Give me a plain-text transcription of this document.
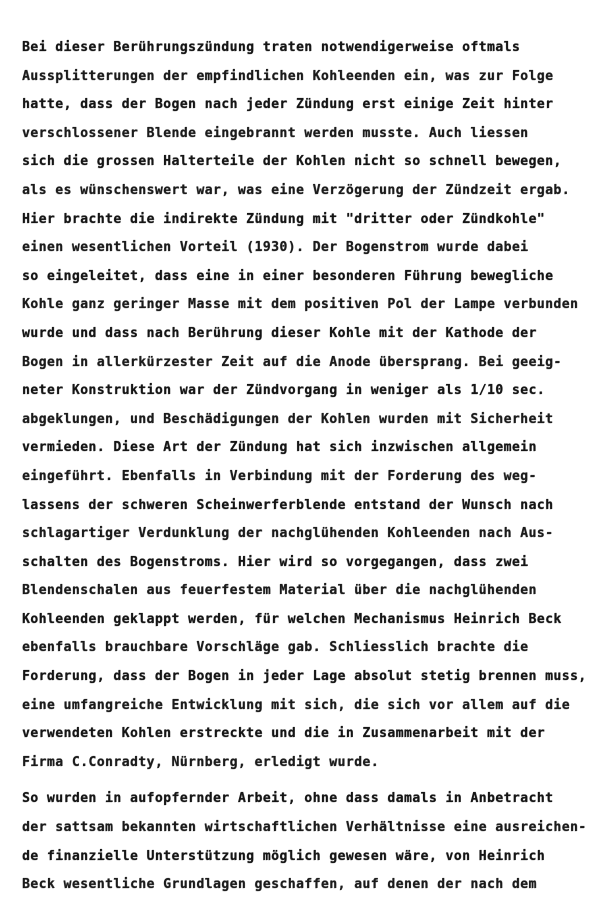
Bei dieser Berührungszündung traten notwendigerweise oftmals
Aussplitterungen der empfindlichen Kohleenden ein, was zur Folge
hatte, dass der Bogen nach jeder Zündung erst einige Zeit hinter
verschlossener Blende eingebrannt werden musste. Auch liessen
sich die grossen Halterteile der Kohlen nicht so schnell bewegen,
als es wünschenswert war, was eine Verzögerung der Zündzeit ergab.
Hier brachte die indirekte Zündung mit "dritter oder Zündkohle"
einen wesentlichen Vorteil (1930). Der Bogenstrom wurde dabei
so eingeleitet, dass eine in einer besonderen Führung bewegliche
Kohle ganz geringer Masse mit dem positiven Pol der Lampe verbunden
wurde und dass nach Berührung dieser Kohle mit der Kathode der
Bogen in allerkürzester Zeit auf die Anode übersprang. Bei geeig-
neter Konstruktion war der Zündvorgang in weniger als 1/10 sec.
abgeklungen, und Beschädigungen der Kohlen wurden mit Sicherheit
vermieden. Diese Art der Zündung hat sich inzwischen allgemein
eingeführt. Ebenfalls in Verbindung mit der Forderung des weg-
lassens der schweren Scheinwerferblende entstand der Wunsch nach
schlagartiger Verdunklung der nachglühenden Kohleenden nach Aus-
schalten des Bogenstroms. Hier wird so vorgegangen, dass zwei
Blendenschalen aus feuerfestem Material über die nachglühenden
Kohleenden geklappt werden, für welchen Mechanismus Heinrich Beck
ebenfalls brauchbare Vorschläge gab. Schliesslich brachte die
Forderung, dass der Bogen in jeder Lage absolut stetig brennen muss,
eine umfangreiche Entwicklung mit sich, die sich vor allem auf die
verwendeten Kohlen erstreckte und die in Zusammenarbeit mit der
Firma C.Conradty, Nürnberg, erledigt wurde.
So wurden in aufopfernder Arbeit, ohne dass damals in Anbetracht
der sattsam bekannten wirtschaftlichen Verhältnisse eine ausreichen-
de finanzielle Unterstützung möglich gewesen wäre, von Heinrich
Beck wesentliche Grundlagen geschaffen, auf denen der nach dem
